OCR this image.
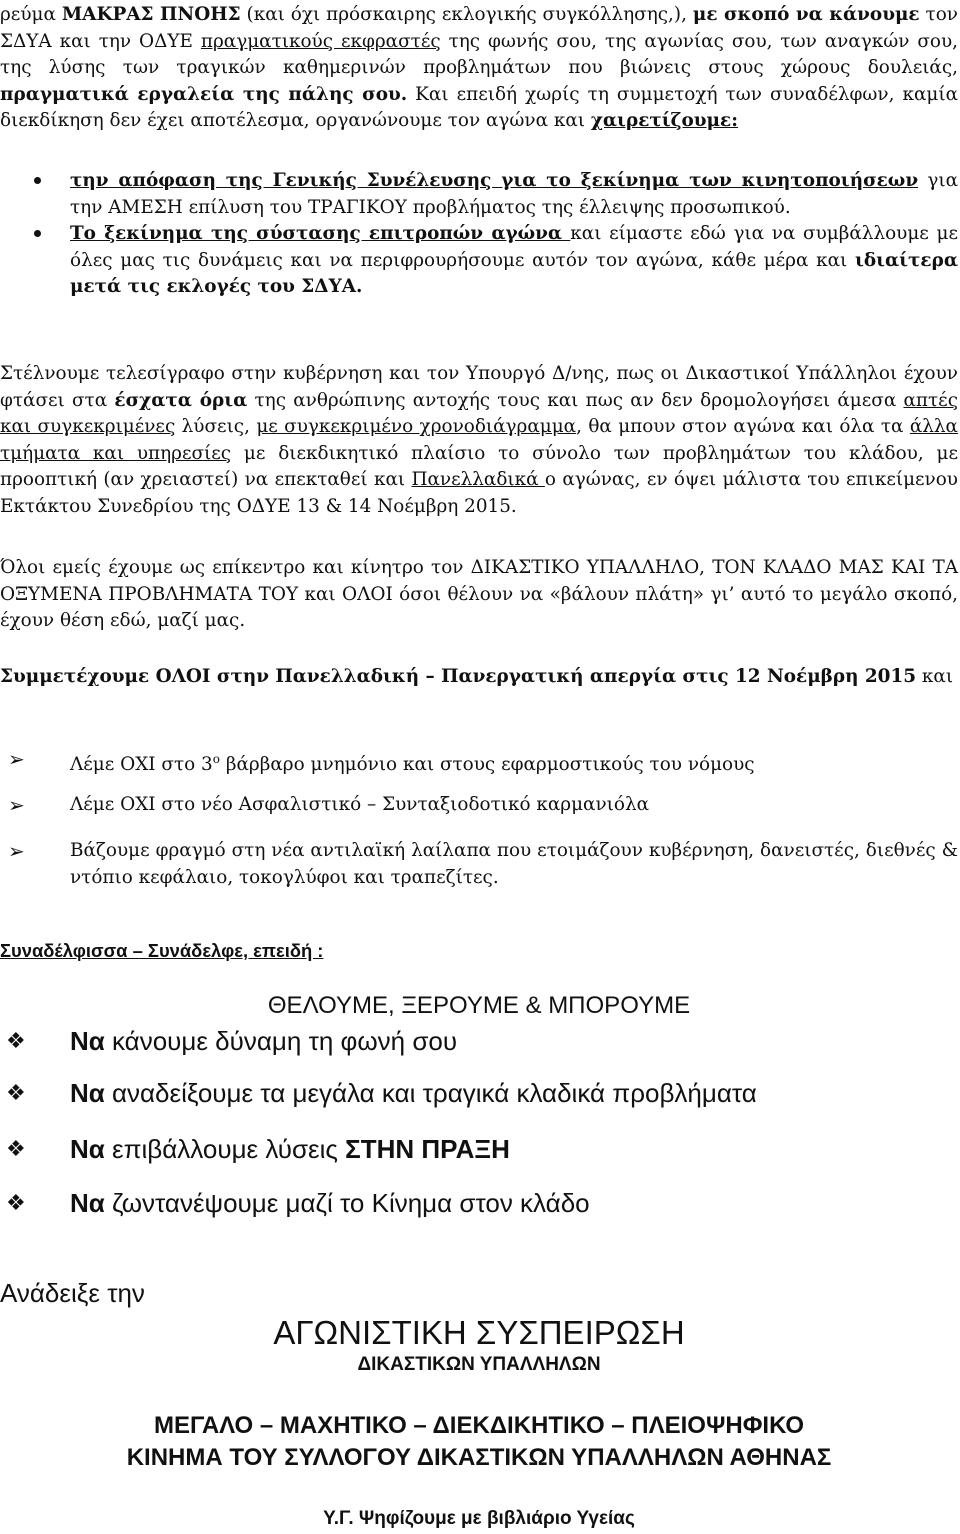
ρεύμα ΜΑΚΡΑΣ ΠΝΟΗΣ (και όχι πρόσκαιρης εκλογικής συγκόλλησης,), με σκοπό να κάνουμε τον ΣΔΥΑ και την ΟΔΥΕ πραγματικούς εκφραστές της φωνής σου, της αγωνίας σου, των αναγκών σου, της λύσης των τραγικών καθημερινών προβλημάτων που βιώνεις στους χώρους δουλειάς, πραγματικά εργαλεία της πάλης σου. Και επειδή χωρίς τη συμμετοχή των συναδέλφων, καμία διεκδίκηση δεν έχει αποτέλεσμα, οργανώνουμε τον αγώνα και χαιρετίζουμε:

την απόφαση της Γενικής Συνέλευσης για το ξεκίνημα των κινητοποιήσεων για την ΑΜΕΣΗ επίλυση του ΤΡΑΓΙΚΟΥ προβλήματος της έλλειψης προσωπικού.

Το ξεκίνημα της σύστασης επιτροπών αγώνα και είμαστε εδώ για να συμβάλλουμε με όλες μας τις δυνάμεις και να περιφρουρήσουμε αυτόν τον αγώνα, κάθε μέρα και ιδιαίτερα μετά τις εκλογές του ΣΔΥΑ.

Στέλνουμε τελεσίγραφο στην κυβέρνηση και τον Υπουργό Δ/νης, πως οι Δικαστικοί Υπάλληλοι έχουν φτάσει στα έσχατα όρια της ανθρώπινης αντοχής τους και πως αν δεν δρομολογήσει άμεσα απτές και συγκεκριμένες λύσεις, με συγκεκριμένο χρονοδιάγραμμα, θα μπουν στον αγώνα και όλα τα άλλα τμήματα και υπηρεσίες με διεκδικητικό πλαίσιο το σύνολο των προβλημάτων του κλάδου, με προοπτική (αν χρειαστεί) να επεκταθεί και Πανελλαδικά ο αγώνας, εν όψει μάλιστα του επικείμενου Εκτάκτου Συνεδρίου της ΟΔΥΕ 13 & 14 Νοέμβρη 2015.

Όλοι εμείς έχουμε ως επίκεντρο και κίνητρο τον ΔΙΚΑΣΤΙΚΟ ΥΠΑΛΛΗΛΟ, ΤΟΝ ΚΛΑΔΟ ΜΑΣ ΚΑΙ ΤΑ ΟΞΥΜΕΝΑ ΠΡΟΒΛΗΜΑΤΑ ΤΟΥ και ΟΛΟΙ όσοι θέλουν να «βάλουν πλάτη» γι’ αυτό το μεγάλο σκοπό, έχουν θέση εδώ, μαζί μας.

Συμμετέχουμε ΟΛΟΙ στην Πανελλαδική – Πανεργατική απεργία στις 12 Νοέμβρη 2015 και

➢	Λέμε ΟΧΙ στο $3^o$ βάρβαρο μνημόνιο και στους εφαρμοστικούς του νόμους

➢	Λέμε ΟΧΙ στο νέο Ασφαλιστικό – Συνταξιοδοτικό καρμανιόλα

➢	Βάζουμε φραγμό στη νέα αντιλαϊκή λαίλαπα που ετοιμάζουν κυβέρνηση, δανειστές, διεθνές & ντόπιο κεφάλαιο, τοκογλύφοι και τραπεζίτες.

Συναδέλφισσα – Συνάδελφε, επειδή :

ΘΕΛΟΥΜΕ, ΞΕΡΟΥΜΕ & ΜΠΟΡΟΥΜΕ

❖	Να κάνουμε δύναμη τη φωνή σου

❖	Να αναδείξουμε τα μεγάλα και τραγικά κλαδικά προβλήματα

❖	Να επιβάλλουμε λύσεις ΣΤΗΝ ΠΡΑΞΗ

❖	Να ζωντανέψουμε μαζί το Κίνημα στον κλάδο

Ανάδειξε την

ΑΓΩΝΙΣΤΙΚΗ ΣΥΣΠΕΙΡΩΣΗ

ΔΙΚΑΣΤΙΚΩΝ ΥΠΑΛΛΗΛΩΝ

ΜΕΓΑΛΟ – ΜΑΧΗΤΙΚΟ – ΔΙΕΚΔΙΚΗΤΙΚΟ – ΠΛΕΙΟΨΗΦΙΚΟ

ΚΙΝΗΜΑ ΤΟΥ ΣΥΛΛΟΓΟΥ ΔΙΚΑΣΤΙΚΩΝ ΥΠΑΛΛΗΛΩΝ ΑΘΗΝΑΣ

Υ.Γ. Ψηφίζουμε με βιβλιάριο Υγείας
